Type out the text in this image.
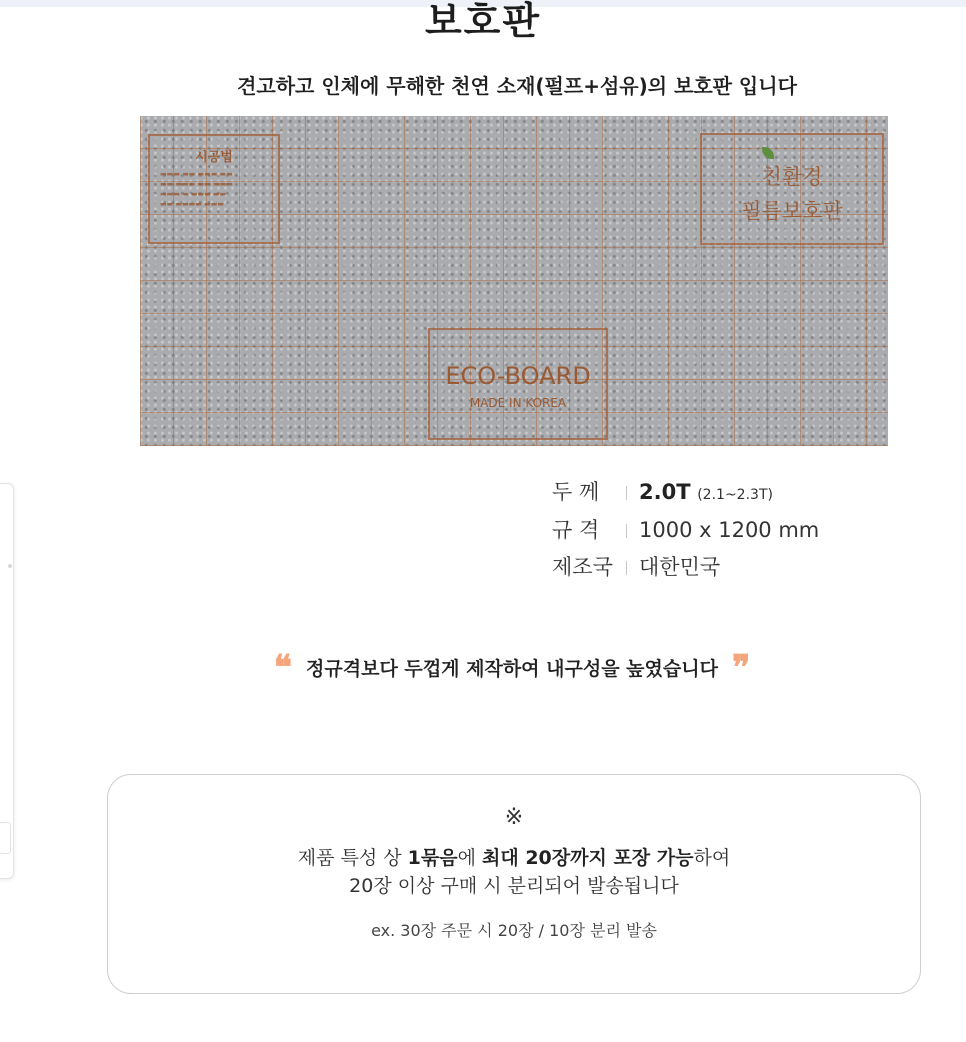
보호판
견고하고 인체에 무해한 천연 소재(펄프+섬유)의 보호판 입니다
시공법
▬▬▬ ▬▬ ▬▬▬ ▬▬
▬▬ ▬▬▬ ▬▬ ▬▬▬
▬▬▬ ▬ ▬▬▬ ▬▬
▬▬ ▬▬▬▬ ▬▬▬
친환경
필름보호판
ECO-BOARD
MADE IN KOREA
두 께 2.0T (2.1~2.3T)
규 격 1000 x 1200 mm
제조국 대한민국
❝ 정규격보다 두껍게 제작하여 내구성을 높였습니다 ❞
※
제품 특성 상 1묶음에 최대 20장까지 포장 가능하여
20장 이상 구매 시 분리되어 발송됩니다
ex. 30장 주문 시 20장 / 10장 분리 발송
